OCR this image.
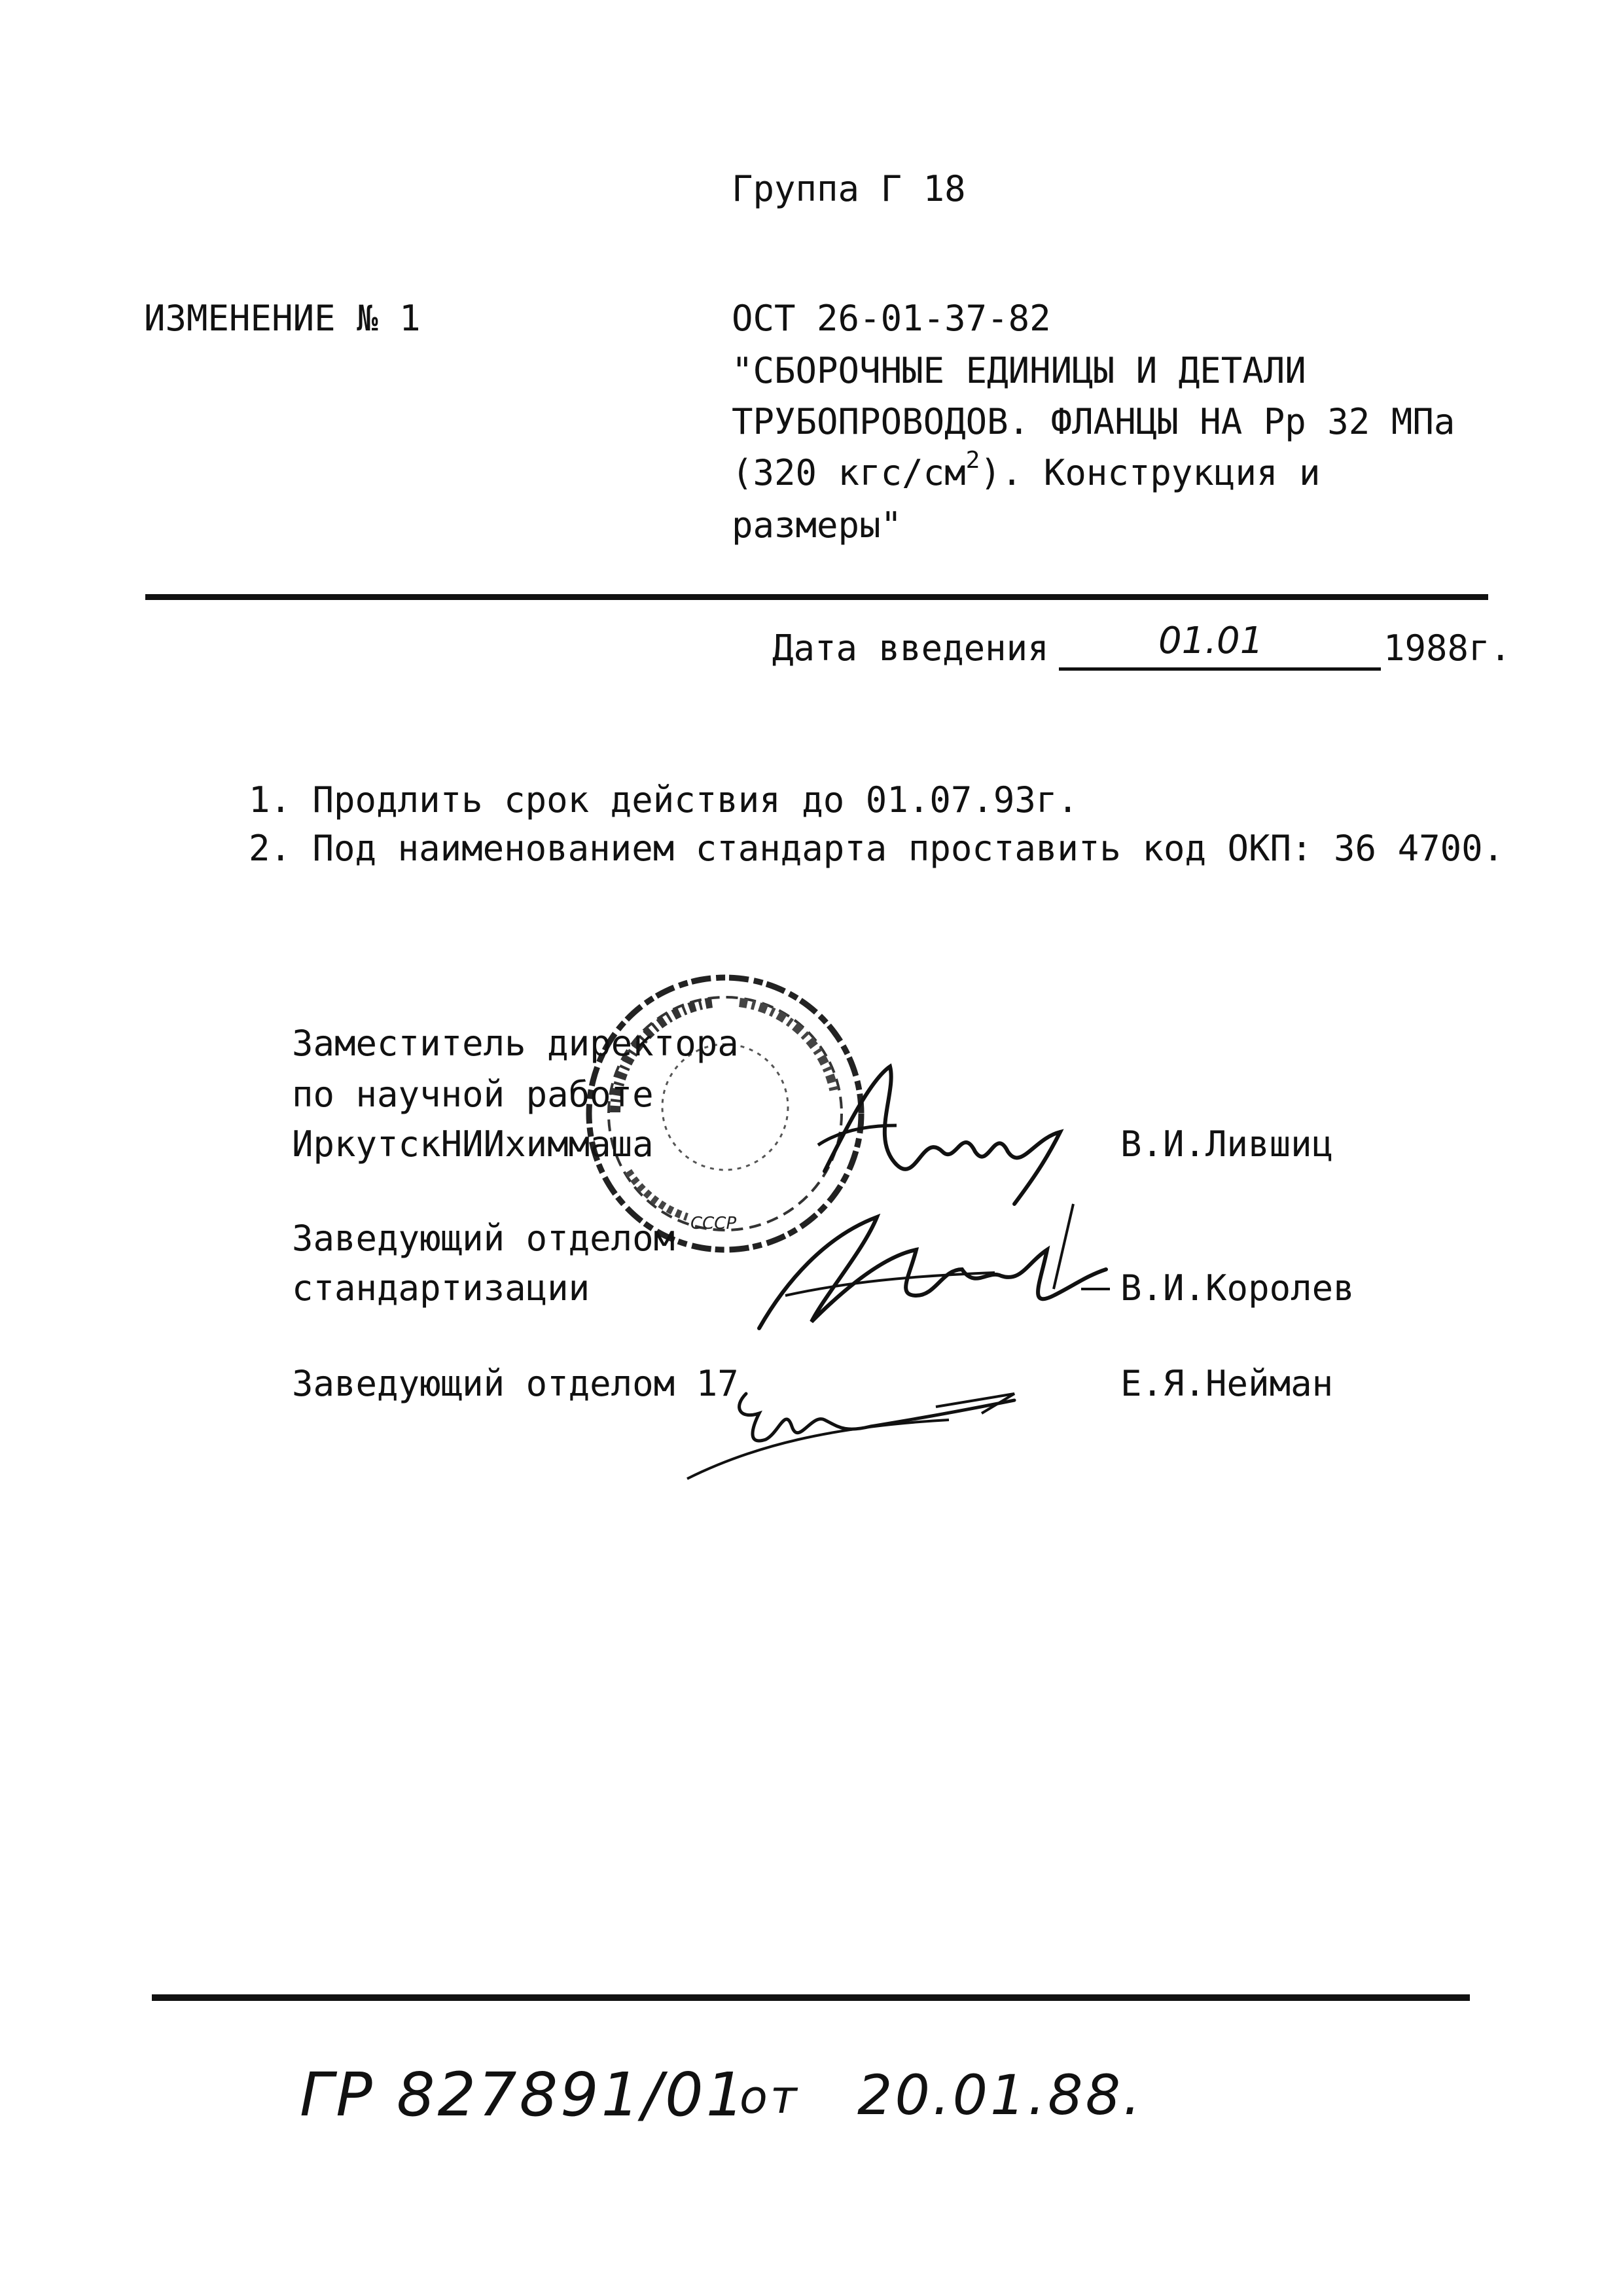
Группа Г 18
ИЗМЕНЕНИЕ № 1	ОСТ 26-01-37-82
"СБОРОЧНЫЕ ЕДИНИЦЫ И ДЕТАЛИ
ТРУБОПРОВОДОВ. ФЛАНЦЫ НА Рр 32 МПа
(320 кгс/$см^2$). Конструкция и
размеры"
Дата введения	01.01	1988г.
1. Продлить срок действия до 01.07.93г.
2. Под наименованием стандарта проставить код ОКП: 36 4700.
СССР
Заместитель директора
по научной работе
ИркутскНИИхиммаша	В.И.Лившиц
Заведующий отделом
стандартизации	В.И.Королев
Заведующий отделом 17	Е.Я.Нейман
ГР 827891/01
от 20.01.88.
